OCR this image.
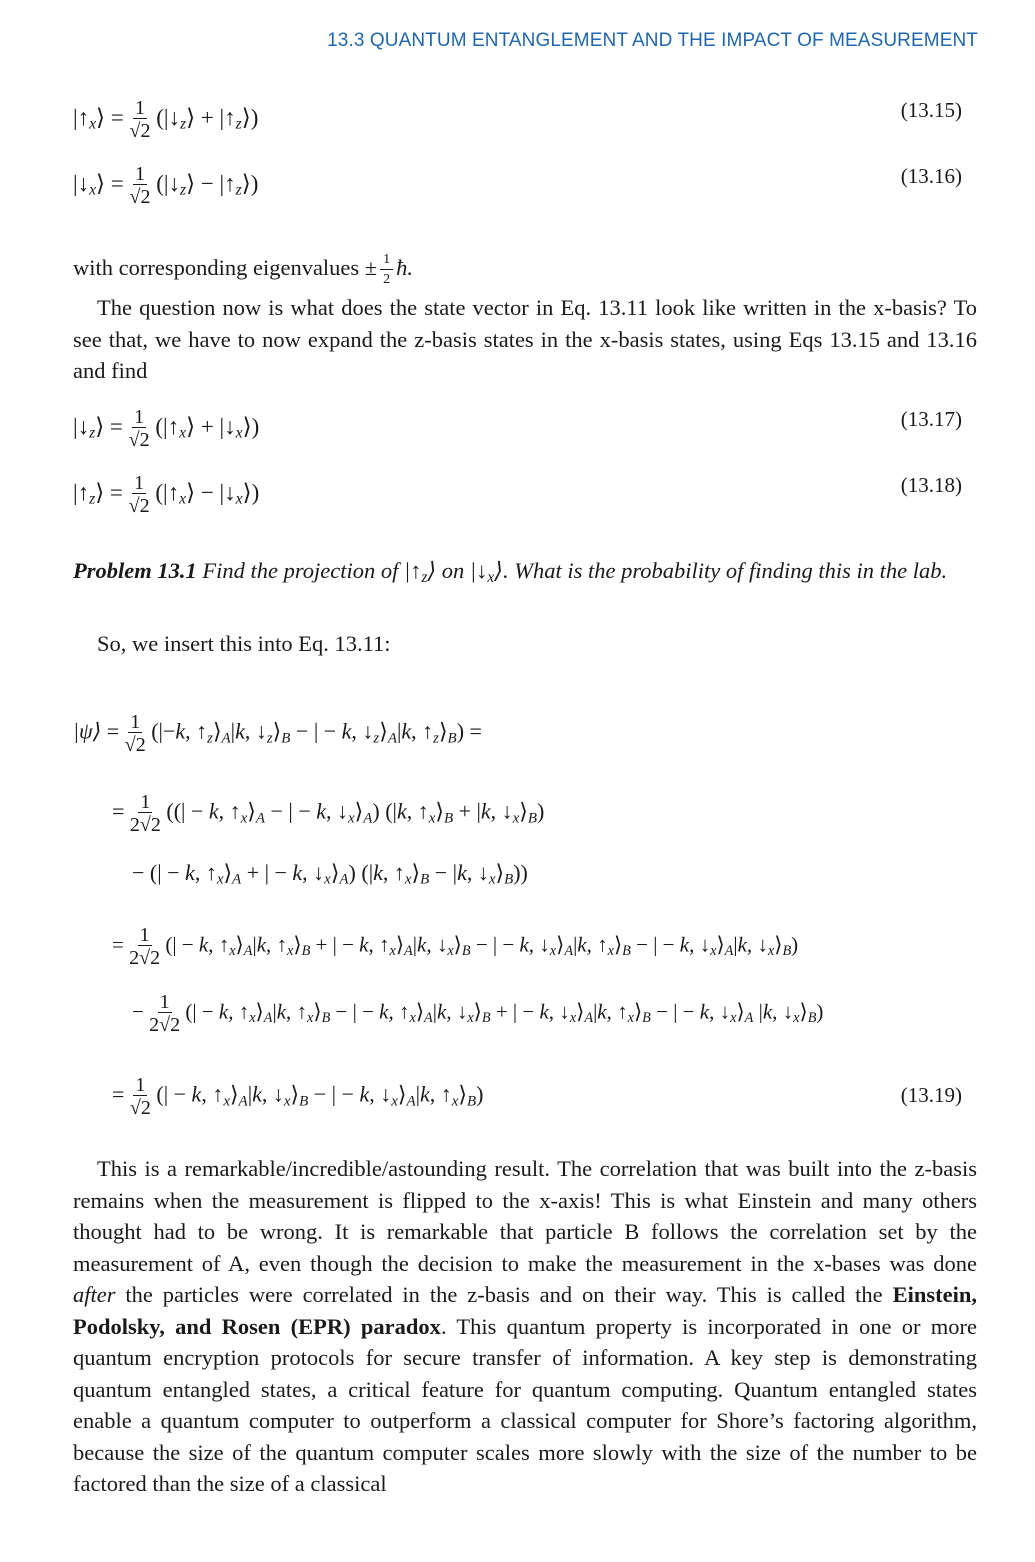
13.3 QUANTUM ENTANGLEMENT AND THE IMPACT OF MEASUREMENT
$|↑_x⟩ = \frac{1}{√2}$ ($|↓_z⟩$ + $|↑_z⟩$)	(13.15)
$|↓_x⟩ = \frac{1}{√2}$ ($|↓_z⟩$ − $|↑_z⟩$)	(13.16)
with corresponding eigenvalues ± $\frac{1}{2}$ ħ.
The question now is what does the state vector in Eq. 13.11 look like written in the x-basis? To see that, we have to now expand the z-basis states in the x-basis states, using Eqs 13.15 and 13.16 and find
$|↓_z⟩ = \frac{1}{√2}$ ($|↑_x⟩$ + $|↓_x⟩$)	(13.17)
$|↑_z⟩ = \frac{1}{√2}$ ($|↑_x⟩$ − $|↓_x⟩$)	(13.18)
Problem 13.1 Find the projection of $|↑_z⟩$ on $|↓_x⟩$. What is the probability of finding this in the lab.
So, we insert this into Eq. 13.11:
|ψ⟩ = $\frac{1}{√2} (|-k$, $↑_z⟩_A|k$, $↓_z⟩_B$ − | − k, $↓_z⟩_A|k$, $↑_z⟩_B$) =
= $\frac{1}{2√2}$ ((| − k, $↑_x⟩_A$ − | − k, $↓_x⟩_A$) (|k, $↑_x⟩_B + |k$, $↓_x⟩_B$)
− (| − k, $↑_x⟩_A$ + | − k, $↓_x⟩_A$) (|k, $↑_x⟩_B - |k$, $↓_x⟩_B$))
= $\frac{1}{2√2}$ (| − k, $↑_x⟩_A|k$, $↑_x⟩_B$ + | − k, $↑_x⟩_A|k$, $↓_x⟩_B$ − | − k, $↓_x⟩_A|k$, $↑_x⟩_B$ − | − k, $↓_x⟩_A|k$, $↓_x⟩_B$)
− $\frac{1}{2√2}$ (| − k, $↑_x⟩_A|k$, $↑_x⟩_B$ − | − k, $↑_x⟩_A|k$, $↓_x⟩_B$ + | − k, $↓_x⟩_A|k$, $↑_x⟩_B$ − | − k, $↓_x⟩_A$ |k, $↓_x⟩_B$)
= $\frac{1}{√2}$ (| − k, $↑_x⟩_A|k$, $↓_x⟩_B$ − | − k, $↓_x⟩_A|k$, $↑_x⟩_B$)	(13.19)
This is a remarkable/incredible/astounding result. The correlation that was built into the z-basis remains when the measurement is flipped to the x-axis! This is what Einstein and many others thought had to be wrong. It is remarkable that particle B follows the correlation set by the measurement of A, even though the decision to make the measurement in the x-bases was done after the particles were correlated in the z-basis and on their way. This is called the Einstein, Podolsky, and Rosen (EPR) paradox. This quantum property is incorporated in one or more quantum encryption protocols for secure transfer of information. A key step is demonstrating quantum entangled states, a critical feature for quantum computing. Quantum entangled states enable a quantum computer to outperform a classical computer for Shore’s factoring algorithm, because the size of the quantum computer scales more slowly with the size of the number to be factored than the size of a classical
